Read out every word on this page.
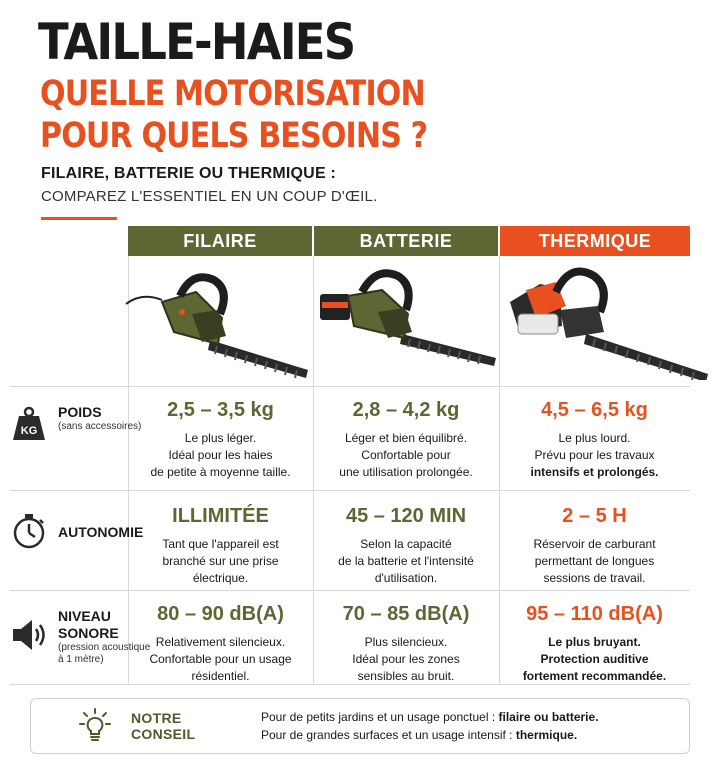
TAILLE-HAIES
QUELLE MOTORISATION
POUR QUELS BESOINS ?
FILAIRE, BATTERIE OU THERMIQUE :
COMPAREZ L'ESSENTIEL EN UN COUP D'ŒIL.
FILAIRE	BATTERIE	THERMIQUE
KG
POIDS
(sans accessoires)
AUTONOMIE
NIVEAU
SONORE
(pression acoustique
à 1 mètre)
2,5 – 3,5 kg
Le plus léger.
Idéal pour les haies
de petite à moyenne taille.
2,8 – 4,2 kg
Léger et bien équilibré.
Confortable pour
une utilisation prolongée.
4,5 – 6,5 kg
Le plus lourd.
Prévu pour les travaux
intensifs et prolongés.
ILLIMITÉE
Tant que l'appareil est
branché sur une prise
électrique.
45 – 120 MIN
Selon la capacité
de la batterie et l'intensité
d'utilisation.
2 – 5 H
Réservoir de carburant
permettant de longues
sessions de travail.
80 – 90 dB(A)
Relativement silencieux.
Confortable pour un usage
résidentiel.
70 – 85 dB(A)
Plus silencieux.
Idéal pour les zones
sensibles au bruit.
95 – 110 dB(A)
Le plus bruyant.
Protection auditive
fortement recommandée.
NOTRE CONSEIL
Pour de petits jardins et un usage ponctuel : filaire ou batterie.
Pour de grandes surfaces et un usage intensif : thermique.
